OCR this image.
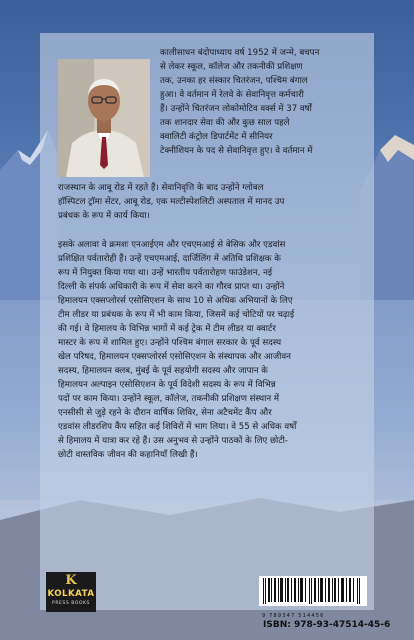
कालीसाधन बंदोपाध्याय वर्ष 1952 में जन्मे, बचपन
से लेकर स्कूल, कॉलेज और तकनीकी प्रशिक्षण
तक, उनका हर संस्कार चितरंजन, पश्चिम बंगाल
हुआ। वे वर्तमान में रेलवे के सेवानिवृत्त कर्मचारी
हैं। उन्होंने चितरंजन लोकोमोटिव वर्क्स में 37 वर्षों
तक शानदार सेवा की और कुछ साल पहले
क्वालिटी कंट्रोल डिपार्टमेंट में सीनियर
टेक्नीशियन के पद से सेवानिवृत्त हुए। वे वर्तमान में
राजस्थान के आबू रोड में रहते हैं। सेवानिवृत्ति के बाद उन्होंने ग्लोबल
हॉस्पिटल ट्रॉमा सेंटर, आबू रोड, एक मल्टीस्पेशलिटी अस्पताल में मानद उप
प्रबंधक के रूप में कार्य किया।
इसके अलावा वे क्रमशः एनआईएम और एचएमआई से बेसिक और एडवांस
प्रशिक्षित पर्वतारोही हैं। उन्हें एचएमआई, दार्जिलिंग में अतिथि प्रशिक्षक के
रूप में नियुक्त किया गया था। उन्हें भारतीय पर्वतारोहण फाउंडेशन, नई
दिल्ली के संपर्क अधिकारी के रूप में सेवा करने का गौरव प्राप्त था। उन्होंने
हिमालयन एक्सप्लोरर्स एसोसिएशन के साथ 10 से अधिक अभियानों के लिए
टीम लीडर या प्रबंधक के रूप में भी काम किया, जिसमें कई चोटियों पर चढ़ाई
की गई। वे हिमालय के विभिन्न भागों में कई ट्रेक में टीम लीडर या क्वार्टर
मास्टर के रूप में शामिल हुए। उन्होंने पश्चिम बंगाल सरकार के पूर्व सदस्य
खेल परिषद, हिमालयन एक्सप्लोरर्स एसोसिएशन के संस्थापक और आजीवन
सदस्य, हिमालयन क्लब, मुंबई के पूर्व सहयोगी सदस्य और जापान के
हिमालयन अल्पाइन एसोसिएशन के पूर्व विदेशी सदस्य के रूप में विभिन्न
पदों पर काम किया। उन्होंने स्कूल, कॉलेज, तकनीकी प्रशिक्षण संस्थान में
एनसीसी से जुड़े रहने के दौरान वार्षिक शिविर, सेना अटैचमेंट कैंप और
एडवांस लीडरशिप कैंप सहित कई शिविरों में भाग लिया। वे 55 से अधिक वर्षों
से हिमालय में यात्रा कर रहे हैं। उस अनुभव से उन्होंने पाठकों के लिए छोटी-
छोटी वास्तविक जीवन की कहानियाँ लिखी हैं।
K
KOLKATA
PRESS BOOKS
9 789347 514456
ISBN: 978-93-47514-45-6
